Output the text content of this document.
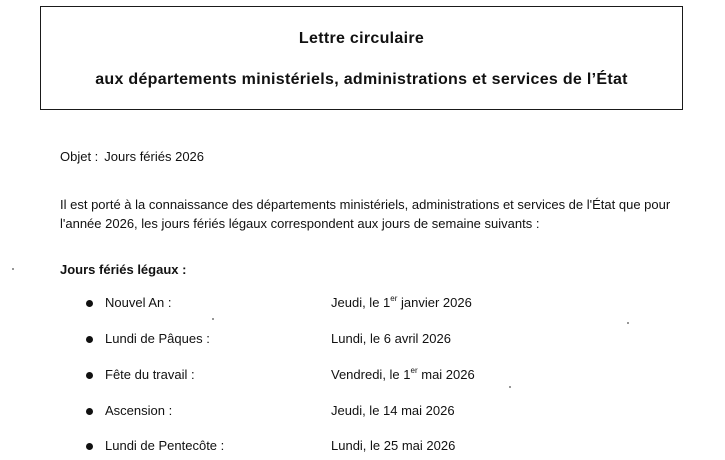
Lettre circulaire
aux départements ministériels, administrations et services de l’État
Objet : Jours fériés 2026
Il est porté à la connaissance des départements ministériels, administrations et services de l'État que pour l'année 2026, les jours fériés légaux correspondent aux jours de semaine suivants :
Jours fériés légaux :
Nouvel An :	Jeudi, le 1er janvier 2026
Lundi de Pâques :	Lundi, le 6 avril 2026
Fête du travail :	Vendredi, le 1er mai 2026
Ascension :	Jeudi, le 14 mai 2026
Lundi de Pentecôte :	Lundi, le 25 mai 2026
